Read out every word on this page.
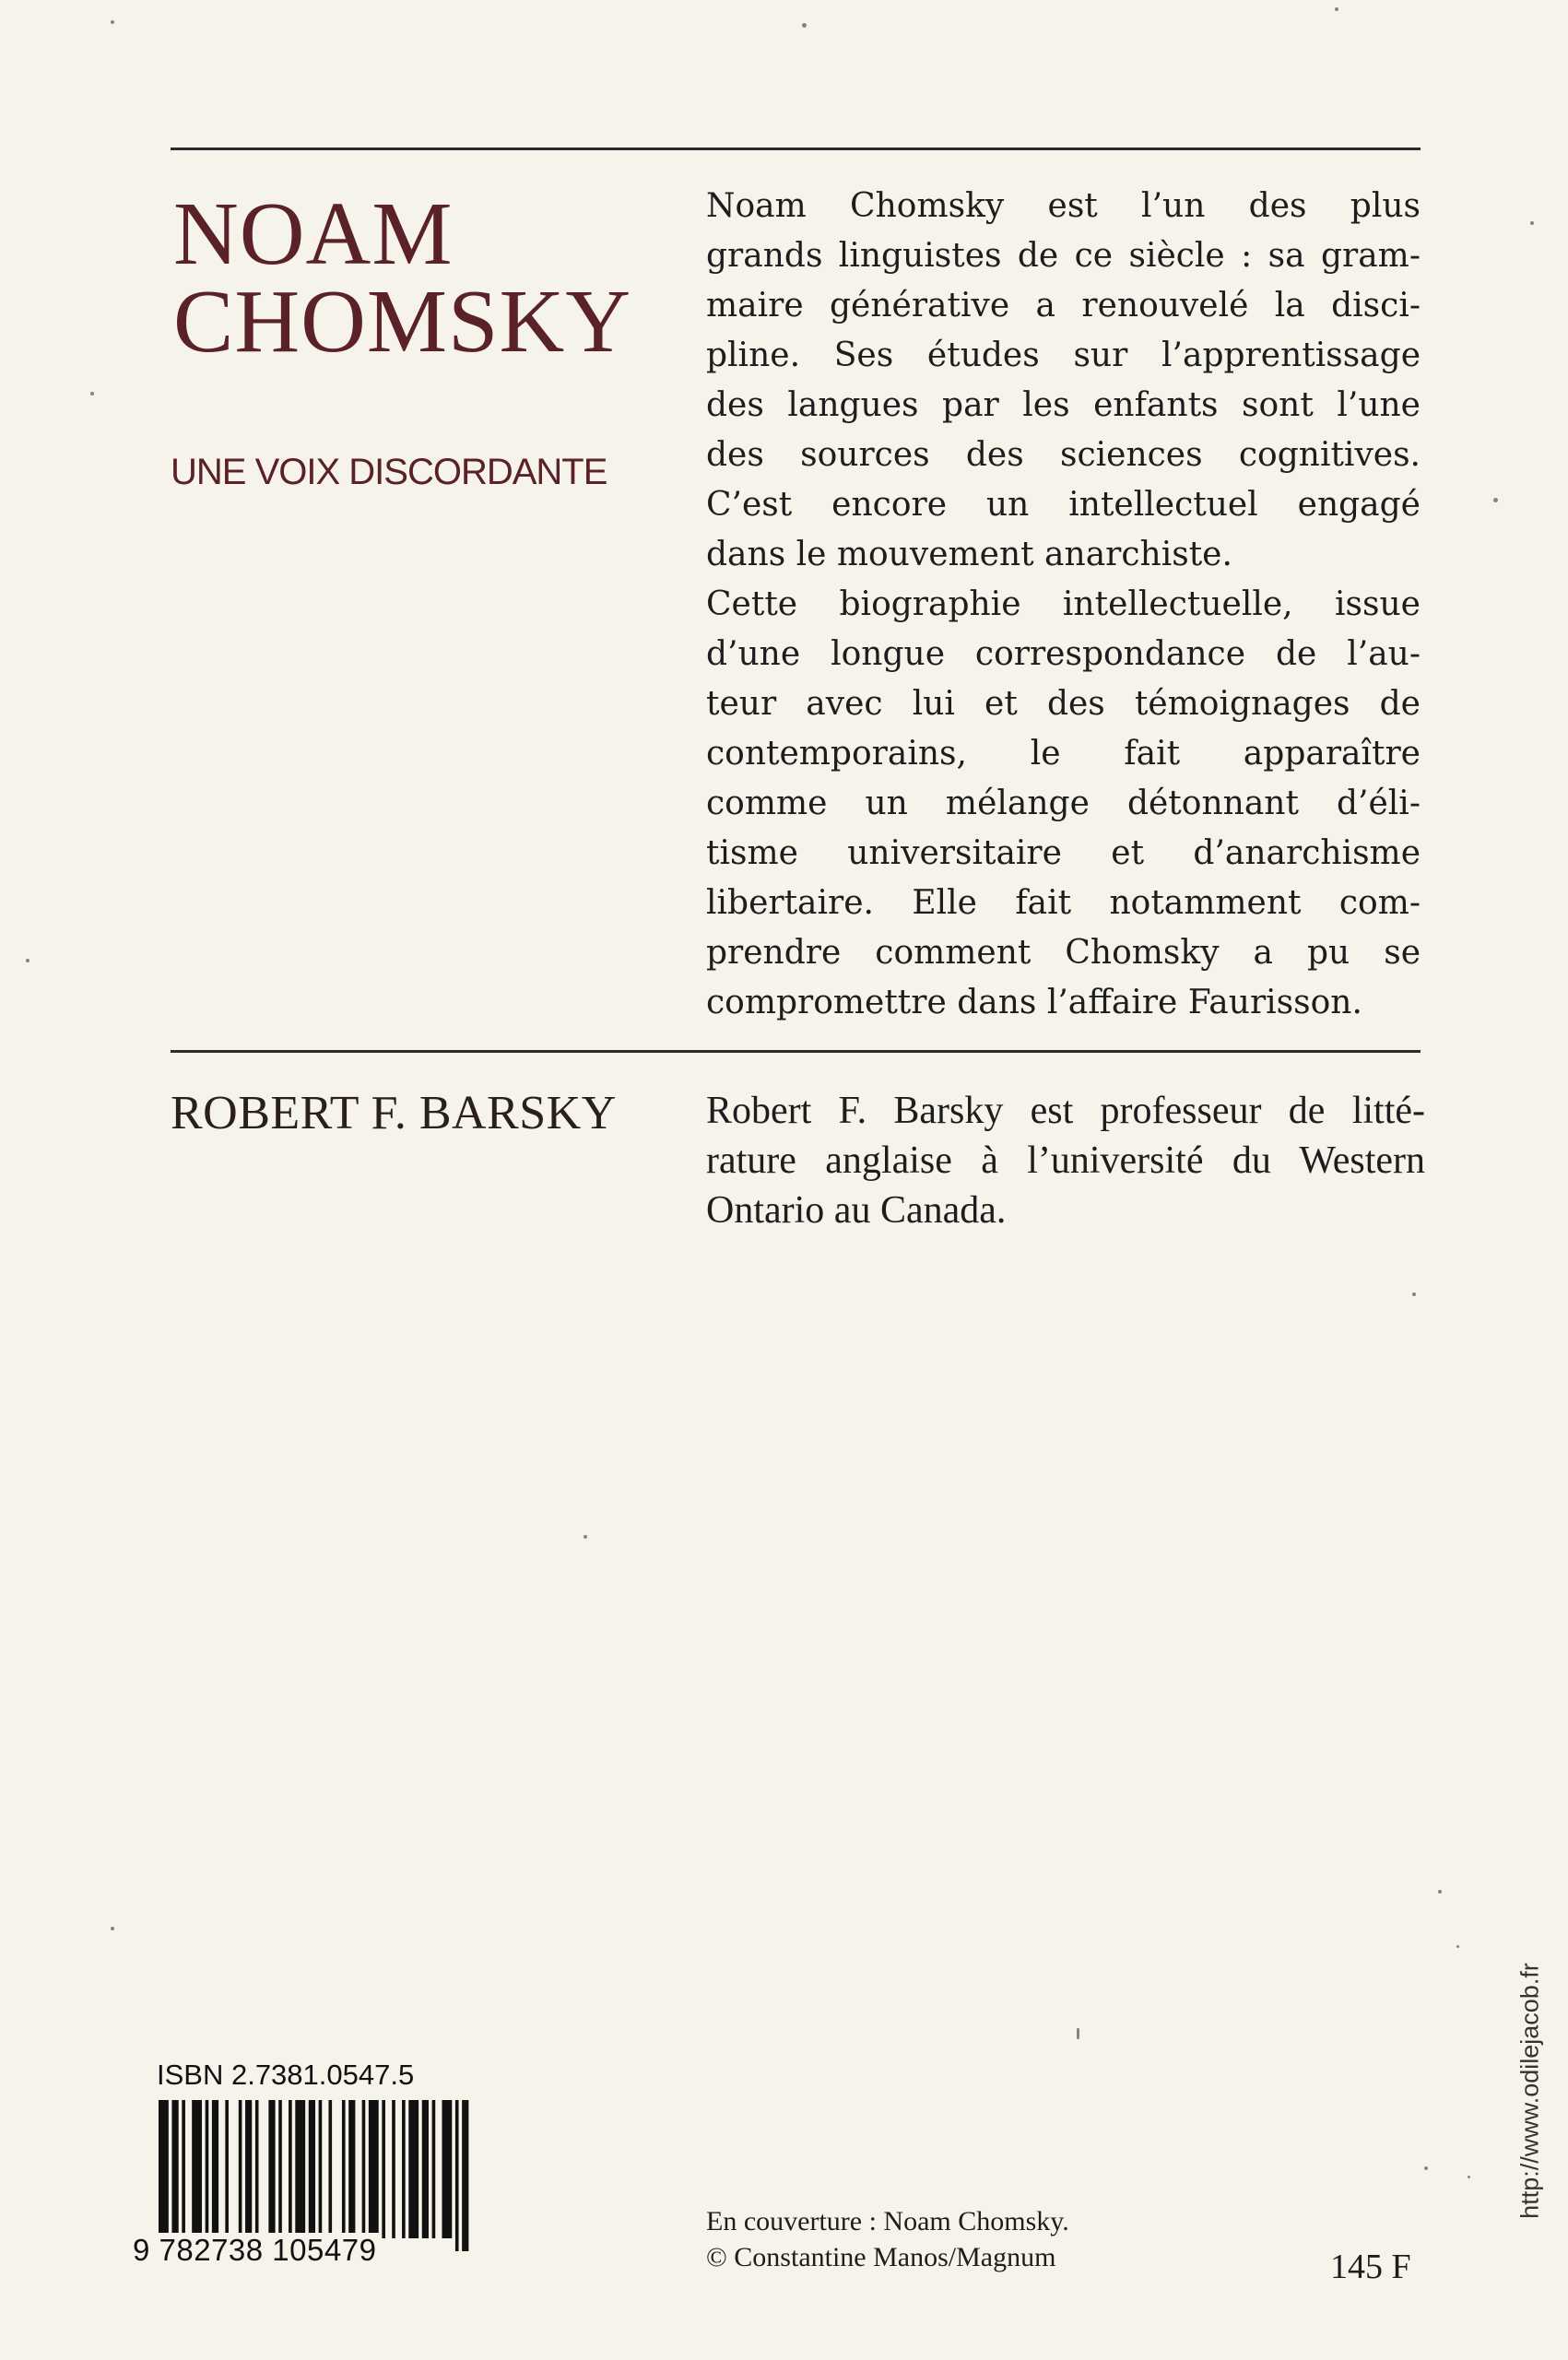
NOAM
CHOMSKY
UNE VOIX DISCORDANTE
Noam Chomsky est l’un des plus
grands linguistes de ce siècle : sa gram-
maire générative a renouvelé la disci-
pline. Ses études sur l’apprentissage
des langues par les enfants sont l’une
des sources des sciences cognitives.
C’est encore un intellectuel engagé
dans le mouvement anarchiste.
Cette biographie intellectuelle, issue
d’une longue correspondance de l’au-
teur avec lui et des témoignages de
contemporains, le fait apparaître
comme un mélange détonnant d’éli-
tisme universitaire et d’anarchisme
libertaire. Elle fait notamment com-
prendre comment Chomsky a pu se
compromettre dans l’affaire Faurisson.
ROBERT F. BARSKY Robert F. Barsky est professeur de litté-
rature anglaise à l’université du Western
Ontario au Canada.
ISBN 2.7381.0547.5
9 782738 105479
En couverture : Noam Chomsky.
© Constantine Manos/Magnum	145 F
http://www.odilejacob.fr
